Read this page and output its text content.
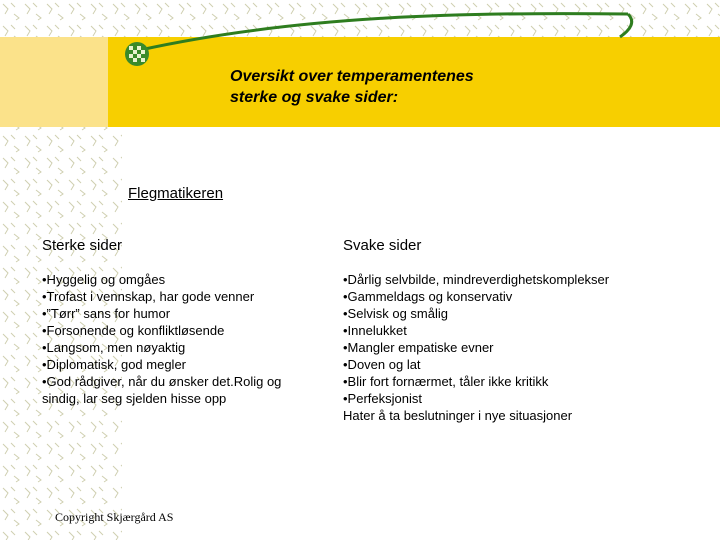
Oversikt over temperamentenes
sterke og svake sider:
Flegmatikeren
Sterke sider
•Hyggelig og omgåes
•Trofast i vennskap, har gode venner
•”Tørr” sans for humor
•Forsonende og konfliktløsende
•Langsom, men nøyaktig
•Diplomatisk, god megler
•God rådgiver, når du ønsker det.Rolig og
sindig, lar seg sjelden hisse opp
Svake sider
•Dårlig selvbilde, mindreverdighetskomplekser
•Gammeldags og konservativ
•Selvisk og smålig
•Innelukket
•Mangler empatiske evner
•Doven og lat
•Blir fort fornærmet, tåler ikke kritikk
•Perfeksjonist
Hater å ta beslutninger i nye situasjoner
Copyright Skjærgård AS
